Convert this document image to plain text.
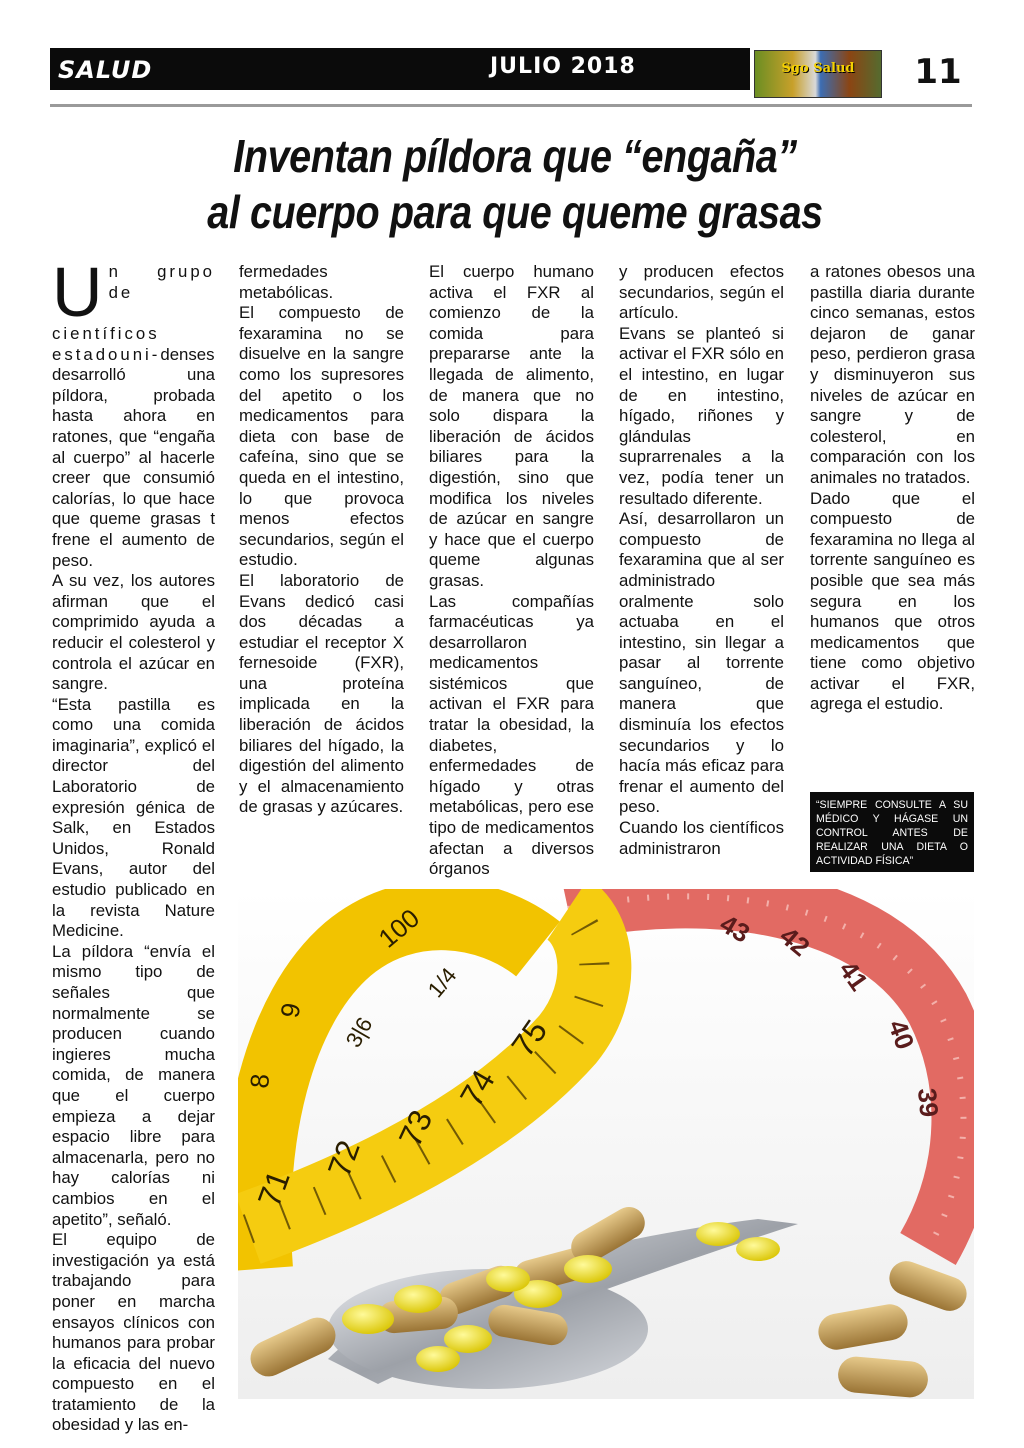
SALUD	JULIO 2018	Sgo Salud	11
Inventan píldora que “engaña”
al cuerpo para que queme grasas
U n grupo de científicos estadouni-denses desarrolló una píldora, probada hasta ahora en ratones, que “engaña al cuerpo” al hacerle creer que consumió calorías, lo que hace que queme grasas t frene el aumento de peso.

A su vez, los autores afirman que el comprimido ayuda a reducir el colesterol y controla el azúcar en sangre.

“Esta pastilla es como una comida imaginaria”, explicó el director del Laboratorio de expresión génica de Salk, en Estados Unidos, Ronald Evans, autor del estudio publicado en la revista Nature Medicine.

La píldora “envía el mismo tipo de señales que normalmente se producen cuando ingieres mucha comida, de manera que el cuerpo empieza a dejar espacio libre para almacenarla, pero no hay calorías ni cambios en el apetito”, señaló.

El equipo de investigación ya está trabajando para poner en marcha ensayos clínicos con humanos para probar la eficacia del nuevo compuesto en el tratamiento de la obesidad y las en-

fermedades metabólicas.

El compuesto de fexaramina no se disuelve en la sangre como los supresores del apetito o los medicamentos para dieta con base de cafeína, sino que se queda en el intestino, lo que provoca menos efectos secundarios, según el estudio.

El laboratorio de Evans dedicó casi dos décadas a estudiar el receptor X fernesoide (FXR), una proteína implicada en la liberación de ácidos biliares del hígado, la digestión del alimento y el almacenamiento de grasas y azúcares.

El cuerpo humano activa el FXR al comienzo de la comida para prepararse ante la llegada de alimento, de manera que no solo dispara la liberación de ácidos biliares para la digestión, sino que modifica los niveles de azúcar en sangre y hace que el cuerpo queme algunas grasas.

Las compañías farmacéuticas ya desarrollaron medicamentos sistémicos que activan el FXR para tratar la obesidad, la diabetes, enfermedades de hígado y otras metabólicas, pero ese tipo de medicamentos afectan a diversos órganos

y producen efectos secundarios, según el artículo.

Evans se planteó si activar el FXR sólo en el intestino, en lugar de en intestino, hígado, riñones y glándulas suprarrenales a la vez, podía tener un resultado diferente.

Así, desarrollaron un compuesto de fexaramina que al ser administrado oralmente solo actuaba en el intestino, sin llegar a pasar al torrente sanguíneo, de manera que disminuía los efectos secundarios y lo hacía más eficaz para frenar el aumento del peso.

Cuando los científicos administraron

a ratones obesos una pastilla diaria durante cinco semanas, estos dejaron de ganar peso, perdieron grasa y disminuyeron sus niveles de azúcar en sangre y de colesterol, en comparación con los animales no tratados.

Dado que el compuesto de fexaramina no llega al torrente sanguíneo es posible que sea más segura en los humanos que otros medicamentos que tiene como objetivo activar el FXR, agrega el estudio.

“SIEMPRE CONSULTE A SU MÉDICO Y HÁGASE UN CONTROL ANTES DE REALIZAR UNA DIETA O ACTIVIDAD FÍSICA”
43 42
41
40
39
71
72
73
74
75
3|6
1/4
100
9
8
